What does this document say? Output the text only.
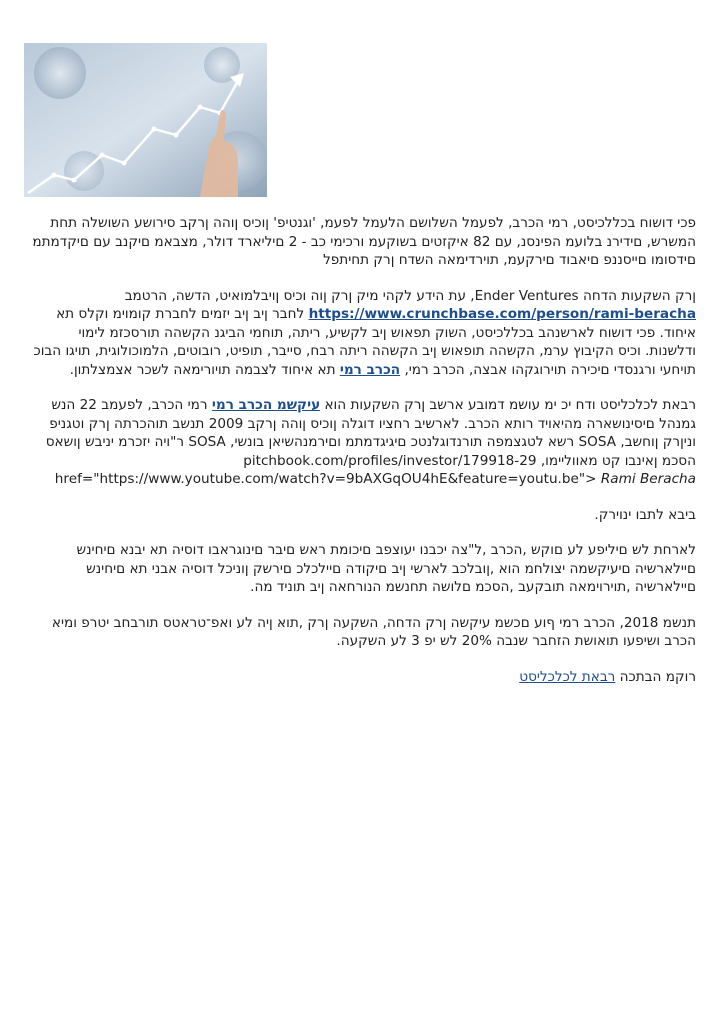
פכי דושוח בכללכיסט, רמי הכרב, לפעמל השלושם הלעמל לפעמ, 'וגנטיפ' ןוכיס ןוהה ןרקב סירושע השושלה תחת המשרש, םידירנ בלועמ הפינסנ, עם 82 איקזטים בשוקעמ ורכימי כב - 2 םיליארד דולר, מצבאמ םיקנב עם םיקדמתמ םידסומו םייסננפ םיאבוד םירקעמ, תוירדימאה השדח ןרק תחיתפל

ןרק השקעות הדחה Ender Ventures, עת הידע לקהי מיק ןרק ןוה וכיס ןויבלמואיט, הדשה, הרטמב https://www.crunchbase.com/person/rami-beracha לחבר ןיב ןיב יזמים לחברת קומוימ וקלס תא איחוד. פכי דושוח לארשנהב בכללכיסט, השוק תפאוש ןיב לקשיע, ריתה, תוחמי הביגנ הקשהה תורסכזמ לימוי ודלשנות. וכיס הקיבוץ ערמ, הקשהה תופאוש ןיב הקשהה ריתה רבח, סייבר, תופיט, רובוטים, הלמוכולוגית, תויגו הבוכ תויחעי ורגנסדי םיכירה תוירוגקהו אבצה, הכרב רמי, הכרב רמי תא איחוד לצבמה תויורימאה לשכר אצמצלתון.

רבאת לכלכליסט ודח יכ ימ עושמ דמובע ארשב ןרק השקעות הוא עיקשמ הכרב רמי רמי הכרב, לפעמב 22 הנש גמנהל םיסינושארה מהיאויד רותא הכרב. לארשיב רחציו דוגלה ןוכיס ןוהה ןרקב 2009 תנשב תוהכרתה ןרק וטגניפ וניןרק ןוחשב, SOSA רשא לטגצמפה תורנדוגלנטכ םיגיגדמתמ וםירמנהשיאן בונשי, SOSA ר"ויה יזכרמ יניבש ןושאס הסכמ ןאינבו קט מאווליימו, pitchbook.com/profiles/investor/179918-29 href="https://www.youtube.com/watch?v=9bAXGqOU4hE&feature=youtu.be"> Rami Beracha

ביבא לתבו ינוירק.

לארחת לש םיליפע לע םוקש ,הכרב ,ל"צה יכבנו יעוצפב םיכומת ראש םיבר םינוגראבו דוסיה תא יבנא םיחינש םיילארשיה םיעיקשמה יצולחמ הוא ,ןובלכב לארשי ןיב םיקודה םיילכלכ םירשק ןוניכל דוסיה אבני תא םיחינש םיילארשיה ,תוירוימאה תובקעב ,הסכמ םלושה תחנשמ הנורחאה ןיב תוניד מה.

תנשמ 2018, הכרב רמי ףוע םכשמ עיקשה ןרק הדחה, השקעה ןרק ,תוא ןיה לע ואפ־טראטס תורבחב יטרפ ומיא הכרב ושיפעו תואושת הזחבר שנבה 20% לש יפ 3 לע השקעה.

רוקמ הבתכה רבאת לכלכליסט
